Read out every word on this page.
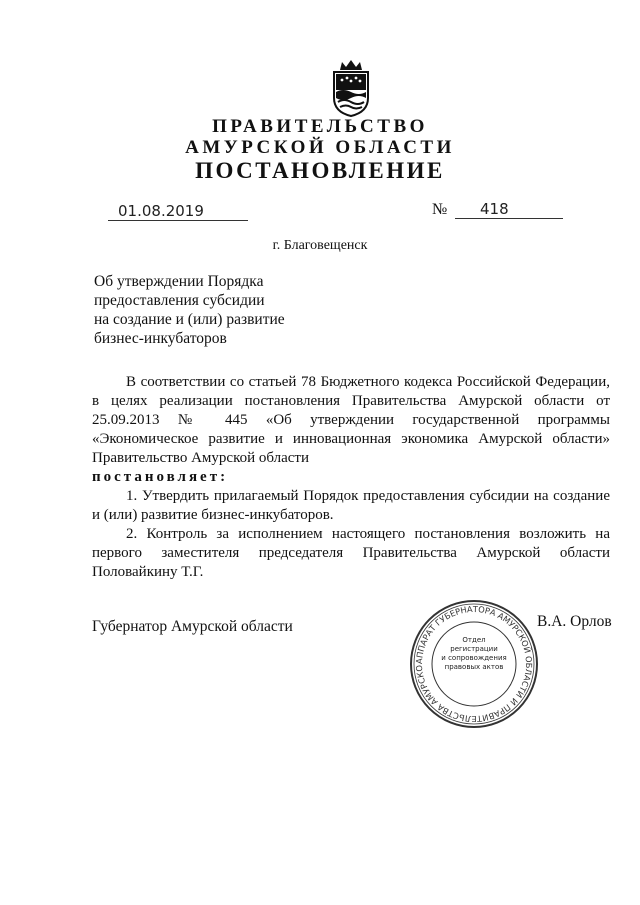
ПРАВИТЕЛЬСТВО
АМУРСКОЙ ОБЛАСТИ
ПОСТАНОВЛЕНИЕ
01.08.2019	№ 418
г. Благовещенск
Об утверждении Порядка
предоставления субсидии
на создание и (или) развитие
бизнес-инкубаторов

В соответствии со статьей 78 Бюджетного кодекса Российской Федерации, в целях реализации постановления Правительства Амурской области от 25.09.2013 № 445 «Об утверждении государственной программы «Экономическое развитие и инновационная экономика Амурской области» Правительство Амурской области

постановляет:

1. Утвердить прилагаемый Порядок предоставления субсидии на создание и (или) развитие бизнес-инкубаторов.

2. Контроль за исполнением настоящего постановления возложить на первого заместителя председателя Правительства Амурской области Половайкину Т.Г.

Губернатор Амурской области	В.А. Орлов
АППАРАТ ГУБЕРНАТОРА АМУРСКОЙ ОБЛАСТИ И ПРАВИТЕЛЬСТВА АМУРСКО
Отдел
регистрации
и сопровождения
правовых актов
